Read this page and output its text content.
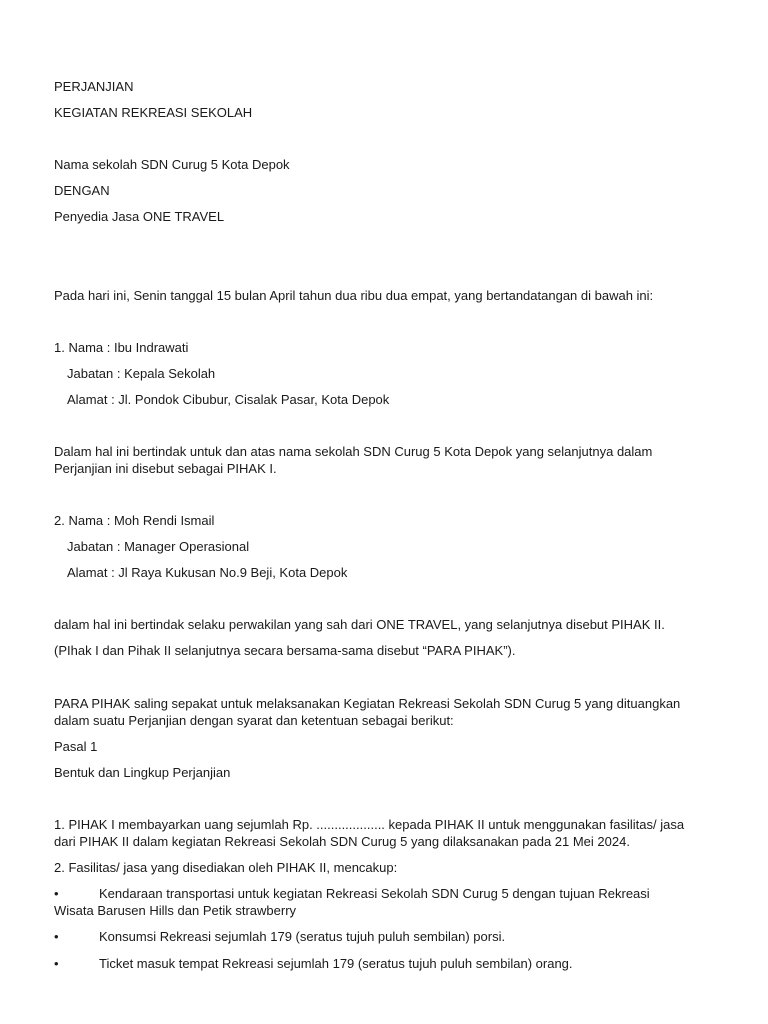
PERJANJIAN
KEGIATAN REKREASI SEKOLAH
Nama sekolah SDN Curug 5 Kota Depok
DENGAN
Penyedia Jasa ONE TRAVEL
Pada hari ini, Senin tanggal 15 bulan April tahun dua ribu dua empat, yang bertandatangan di bawah ini:
1. Nama : Ibu Indrawati
Jabatan : Kepala Sekolah
Alamat : Jl. Pondok Cibubur, Cisalak Pasar, Kota Depok
Dalam hal ini bertindak untuk dan atas nama sekolah SDN Curug 5 Kota Depok yang selanjutnya dalam
Perjanjian ini disebut sebagai PIHAK I.
2. Nama : Moh Rendi Ismail
Jabatan : Manager Operasional
Alamat : Jl Raya Kukusan No.9 Beji, Kota Depok
dalam hal ini bertindak selaku perwakilan yang sah dari ONE TRAVEL, yang selanjutnya disebut PIHAK II.
(PIhak I dan Pihak II selanjutnya secara bersama-sama disebut “PARA PIHAK”).
PARA PIHAK saling sepakat untuk melaksanakan Kegiatan Rekreasi Sekolah SDN Curug 5 yang dituangkan
dalam suatu Perjanjian dengan syarat dan ketentuan sebagai berikut:
Pasal 1
Bentuk dan Lingkup Perjanjian
1. PIHAK I membayarkan uang sejumlah Rp. ................... kepada PIHAK II untuk menggunakan fasilitas/ jasa
dari PIHAK II dalam kegiatan Rekreasi Sekolah SDN Curug 5 yang dilaksanakan pada 21 Mei 2024.
2. Fasilitas/ jasa yang disediakan oleh PIHAK II, mencakup:
•	Kendaraan transportasi untuk kegiatan Rekreasi Sekolah SDN Curug 5 dengan tujuan Rekreasi
Wisata Barusen Hills dan Petik strawberry
•	Konsumsi Rekreasi sejumlah 179 (seratus tujuh puluh sembilan) porsi.
•	Ticket masuk tempat Rekreasi sejumlah 179 (seratus tujuh puluh sembilan) orang.
